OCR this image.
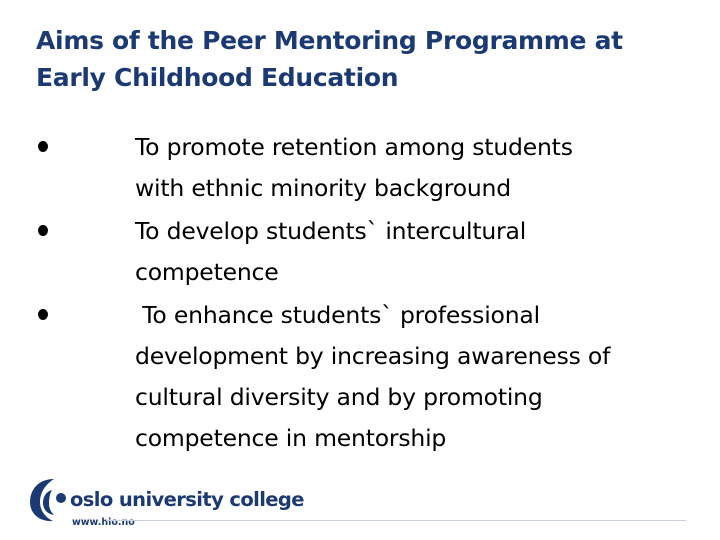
Aims of the Peer Mentoring Programme at
Early Childhood Education
To promote retention among students
with ethnic minority background
To develop students` intercultural
competence
To enhance students` professional
development by increasing awareness of
cultural diversity and by promoting
competence in mentorship
oslo university college
www.hio.no
